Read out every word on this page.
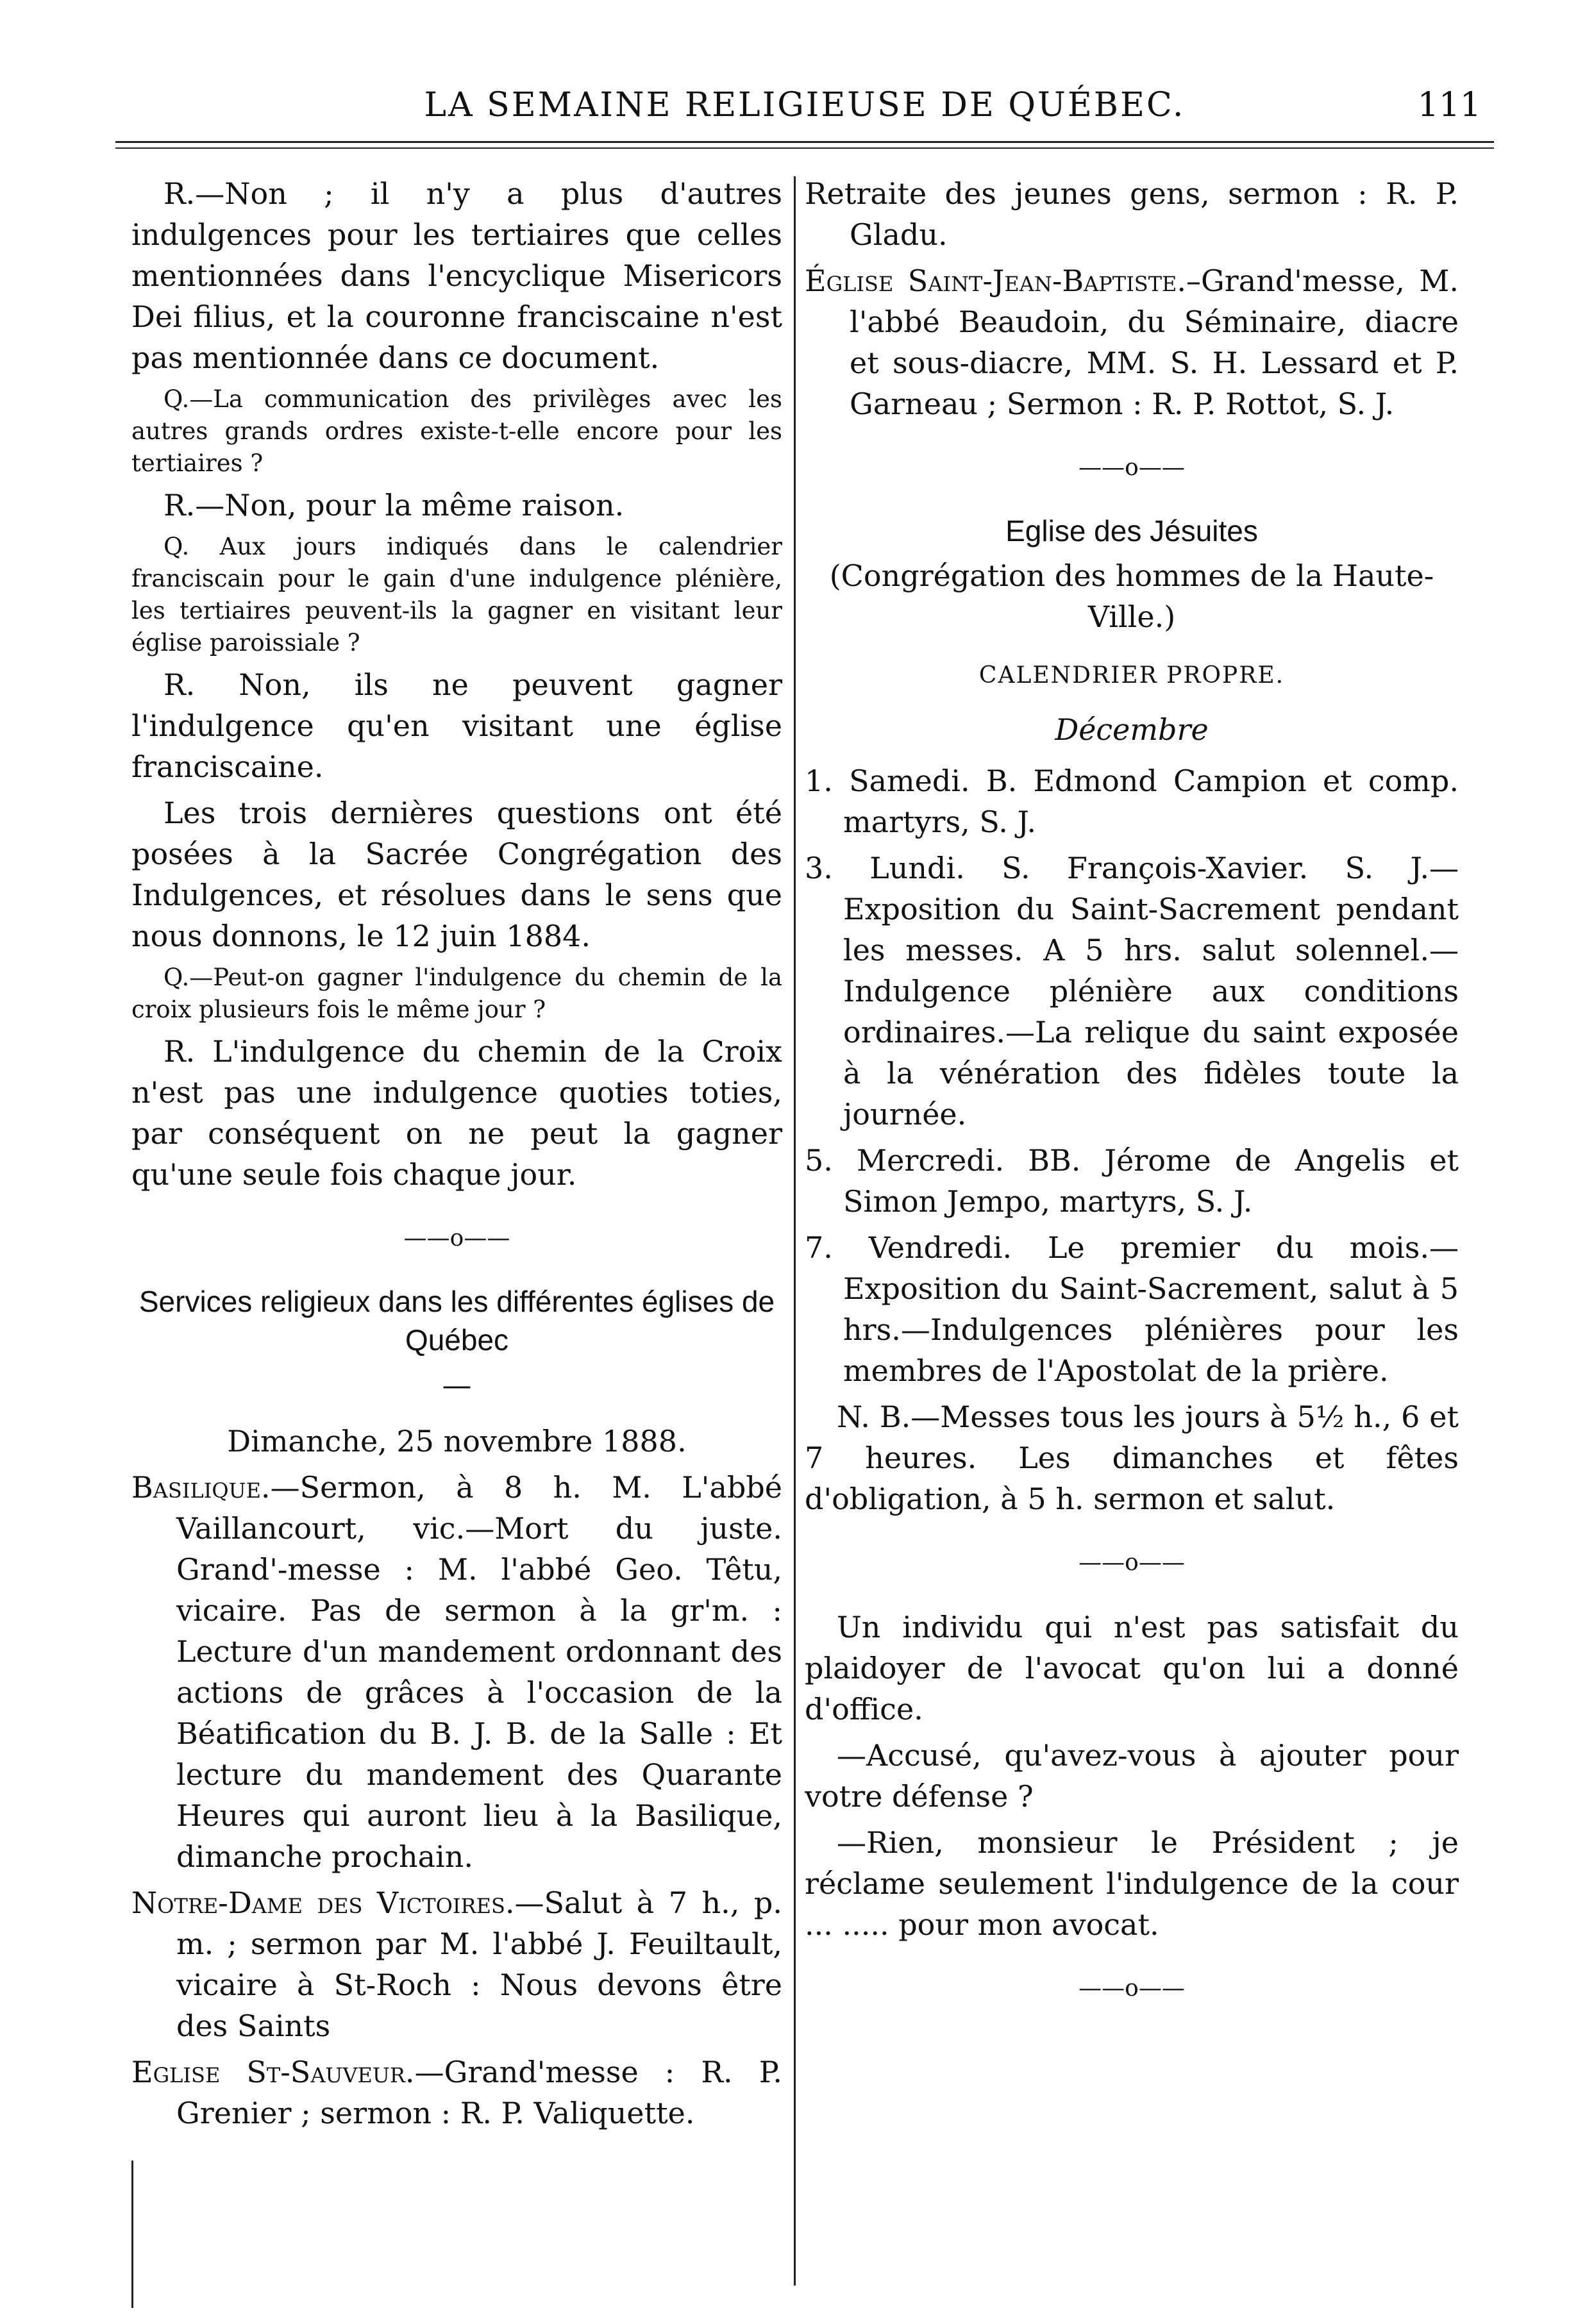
LA SEMAINE RELIGIEUSE DE QUÉBEC.	111

R.—Non ; il n'y a plus d'autres indulgences pour les tertiaires que celles mentionnées dans l'encyclique Misericors Dei filius, et la couronne franciscaine n'est pas mentionnée dans ce document.

Q.—La communication des privilèges avec les autres grands ordres existe-t-elle encore pour les tertiaires ?

R.—Non, pour la même raison.

Q. Aux jours indiqués dans le calendrier franciscain pour le gain d'une indulgence plénière, les tertiaires peuvent-ils la gagner en visitant leur église paroissiale ?

R. Non, ils ne peuvent gagner l'indulgence qu'en visitant une église franciscaine.

Les trois dernières questions ont été posées à la Sacrée Congrégation des Indulgences, et résolues dans le sens que nous donnons, le 12 juin 1884.

Q.—Peut-on gagner l'indulgence du chemin de la croix plusieurs fois le même jour ?

R. L'indulgence du chemin de la Croix n'est pas une indulgence quoties toties, par conséquent on ne peut la gagner qu'une seule fois chaque jour.

——o——
Services religieux dans les différentes églises de Québec
—

Dimanche, 25 novembre 1888.

Basilique.—Sermon, à 8 h. M. L'abbé Vaillancourt, vic.—Mort du juste. Grand'-messe : M. l'abbé Geo. Têtu, vicaire. Pas de sermon à la gr'm. : Lecture d'un mandement ordonnant des actions de grâces à l'occasion de la Béatification du B. J. B. de la Salle : Et lecture du mandement des Quarante Heures qui auront lieu à la Basilique, dimanche prochain.

Notre-Dame des Victoires.—Salut à 7 h., p. m. ; sermon par M. l'abbé J. Feuiltault, vicaire à St-Roch : Nous devons être des Saints

Eglise St-Sauveur.—Grand'messe : R. P. Grenier ; sermon : R. P. Valiquette.

Retraite des jeunes gens, sermon : R. P. Gladu.

Église Saint-Jean-Baptiste.–Grand'messe, M. l'abbé Beaudoin, du Séminaire, diacre et sous-diacre, MM. S. H. Lessard et P. Garneau ; Sermon : R. P. Rottot, S. J.

——o——
Eglise des Jésuites

(Congrégation des hommes de la Haute-Ville.)

CALENDRIER PROPRE.
Décembre

1. Samedi. B. Edmond Campion et comp. martyrs, S. J.

3. Lundi. S. François-Xavier. S. J.—Exposition du Saint-Sacrement pendant les messes. A 5 hrs. salut solennel.—Indulgence plénière aux conditions ordinaires.—La relique du saint exposée à la vénération des fidèles toute la journée.

5. Mercredi. BB. Jérome de Angelis et Simon Jempo, martyrs, S. J.

7. Vendredi. Le premier du mois.—Exposition du Saint-Sacrement, salut à 5 hrs.—Indulgences plénières pour les membres de l'Apostolat de la prière.

N. B.—Messes tous les jours à 5½ h., 6 et 7 heures. Les dimanches et fêtes d'obligation, à 5 h. sermon et salut.

——o——

Un individu qui n'est pas satisfait du plaidoyer de l'avocat qu'on lui a donné d'office.

—Accusé, qu'avez-vous à ajouter pour votre défense ?

—Rien, monsieur le Président ; je réclame seulement l'indulgence de la cour ... ..... pour mon avocat.

——o——
